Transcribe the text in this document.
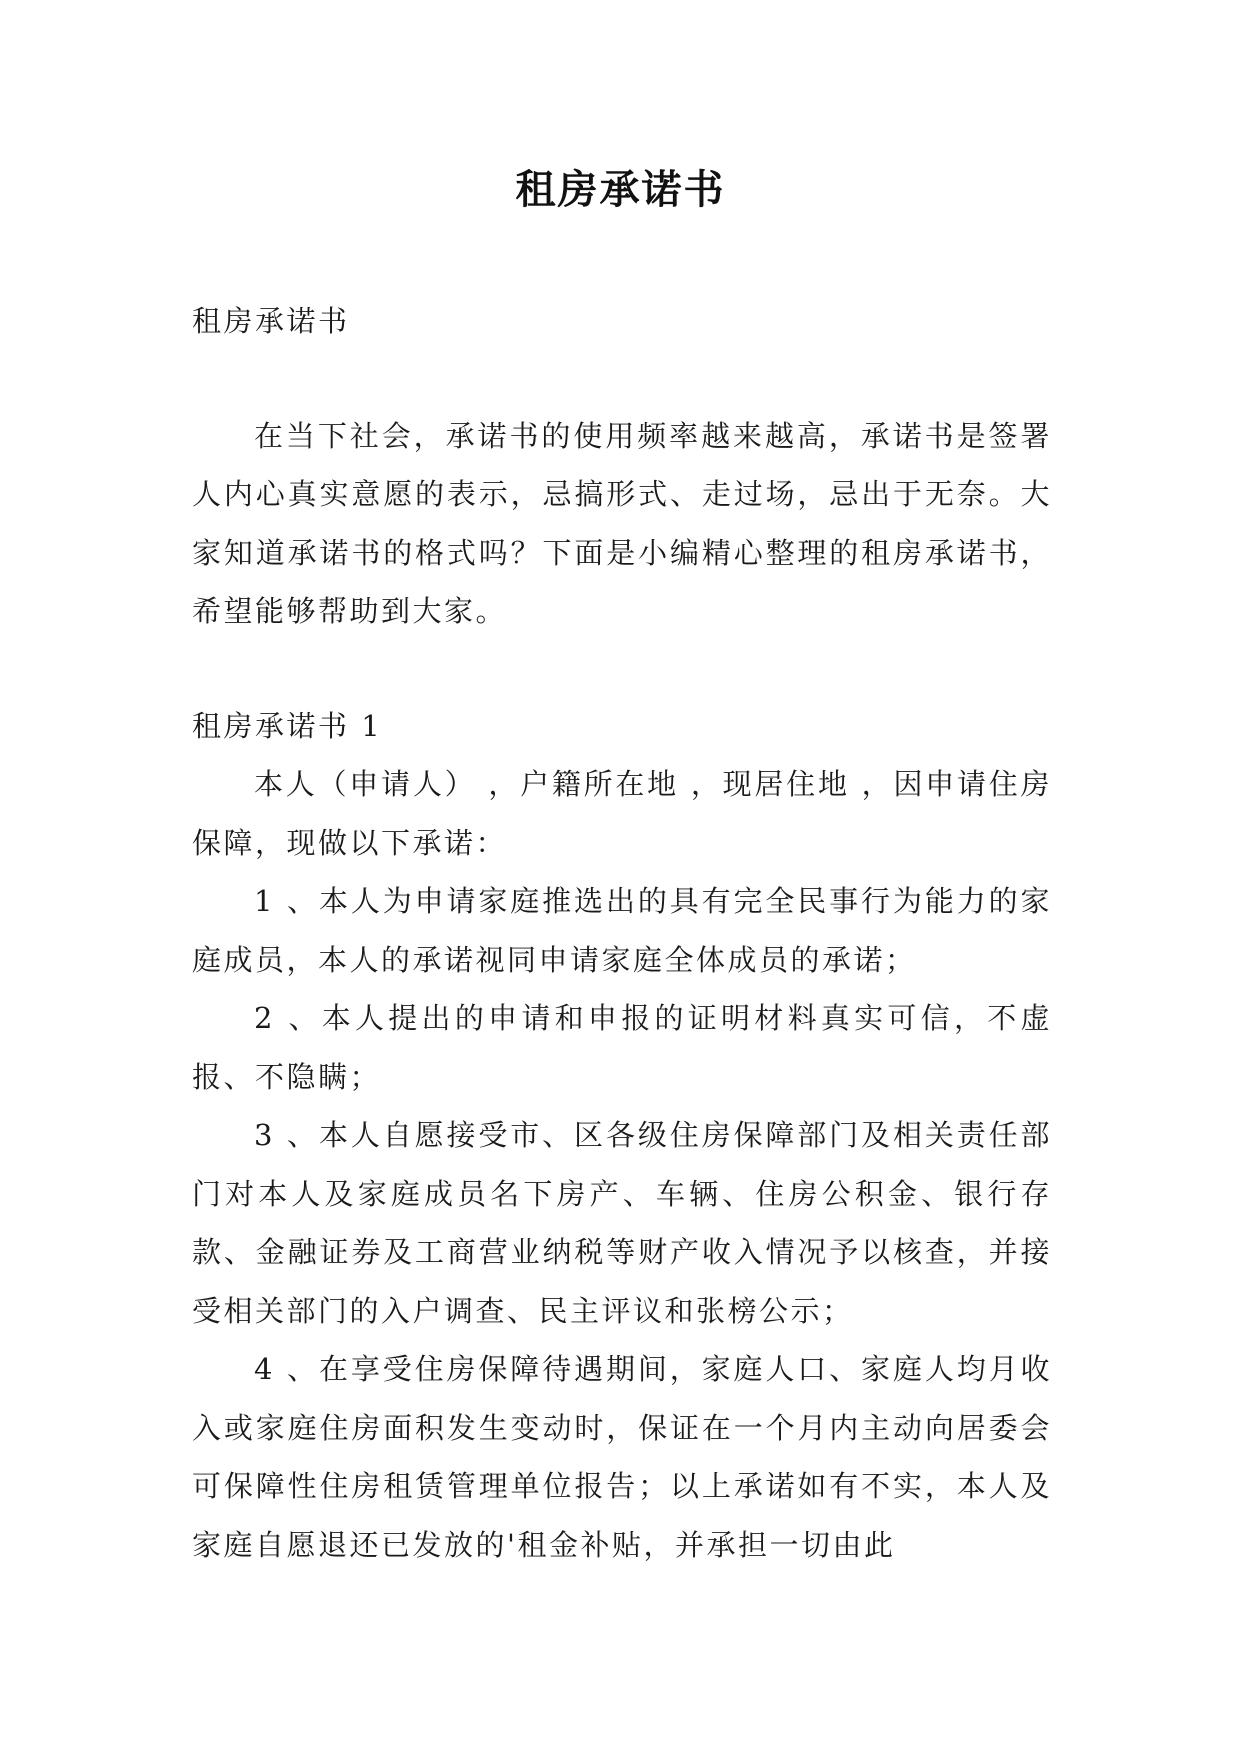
租房承诺书

租房承诺书

在当下社会，承诺书的使用频率越来越高，承诺书是签署人内心真实意愿的表示，忌搞形式、走过场，忌出于无奈。大家知道承诺书的格式吗？下面是小编精心整理的租房承诺书，希望能够帮助到大家。

租房承诺书 1

本人（申请人） ，户籍所在地 ，现居住地 ，因申请住房保障，现做以下承诺：

1 、本人为申请家庭推选出的具有完全民事行为能力的家庭成员，本人的承诺视同申请家庭全体成员的承诺；

2 、本人提出的申请和申报的证明材料真实可信，不虚报、不隐瞒；

3 、本人自愿接受市、区各级住房保障部门及相关责任部门对本人及家庭成员名下房产、车辆、住房公积金、银行存款、金融证券及工商营业纳税等财产收入情况予以核查，并接受相关部门的入户调查、民主评议和张榜公示；

4 、在享受住房保障待遇期间，家庭人口、家庭人均月收入或家庭住房面积发生变动时，保证在一个月内主动向居委会可保障性住房租赁管理单位报告；以上承诺如有不实，本人及家庭自愿退还已发放的'租金补贴，并承担一切由此
